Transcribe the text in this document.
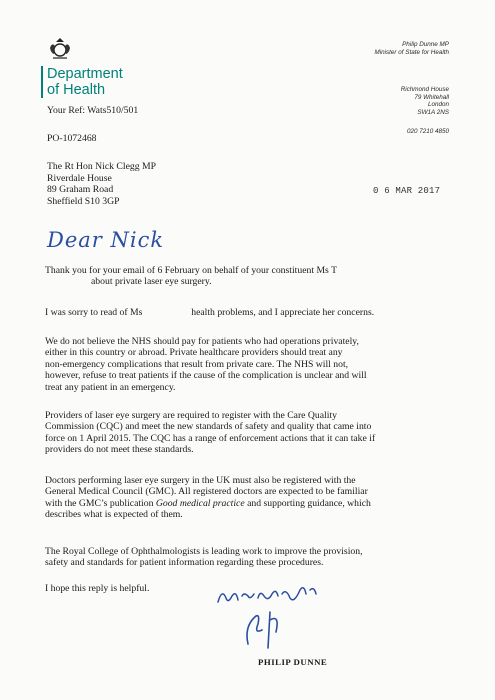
Department
of Health
Philip Dunne MP
Minister of State for Health
Richmond House
79 Whitehall
London
SW1A 2NS
020 7210 4850
Your Ref: Wats510/501
PO-1072468
The Rt Hon Nick Clegg MP
Riverdale House
89 Graham Road
Sheffield S10 3GP
0 6 MAR 2017
Dear Nick
Thank you for your email of 6 February on behalf of your constituent Ms T
about private laser eye surgery.
I was sorry to read of Ms	health problems, and I appreciate her concerns.
We do not believe the NHS should pay for patients who had operations privately,
either in this country or abroad. Private healthcare providers should treat any
non-emergency complications that result from private care. The NHS will not,
however, refuse to treat patients if the cause of the complication is unclear and will
treat any patient in an emergency.
Providers of laser eye surgery are required to register with the Care Quality
Commission (CQC) and meet the new standards of safety and quality that came into
force on 1 April 2015. The CQC has a range of enforcement actions that it can take if
providers do not meet these standards.
Doctors performing laser eye surgery in the UK must also be registered with the
General Medical Council (GMC). All registered doctors are expected to be familiar
with the GMC’s publication Good medical practice and supporting guidance, which
describes what is expected of them.
The Royal College of Ophthalmologists is leading work to improve the provision,
safety and standards for patient information regarding these procedures.
I hope this reply is helpful.
Yours sincerely
PHILIP DUNNE
